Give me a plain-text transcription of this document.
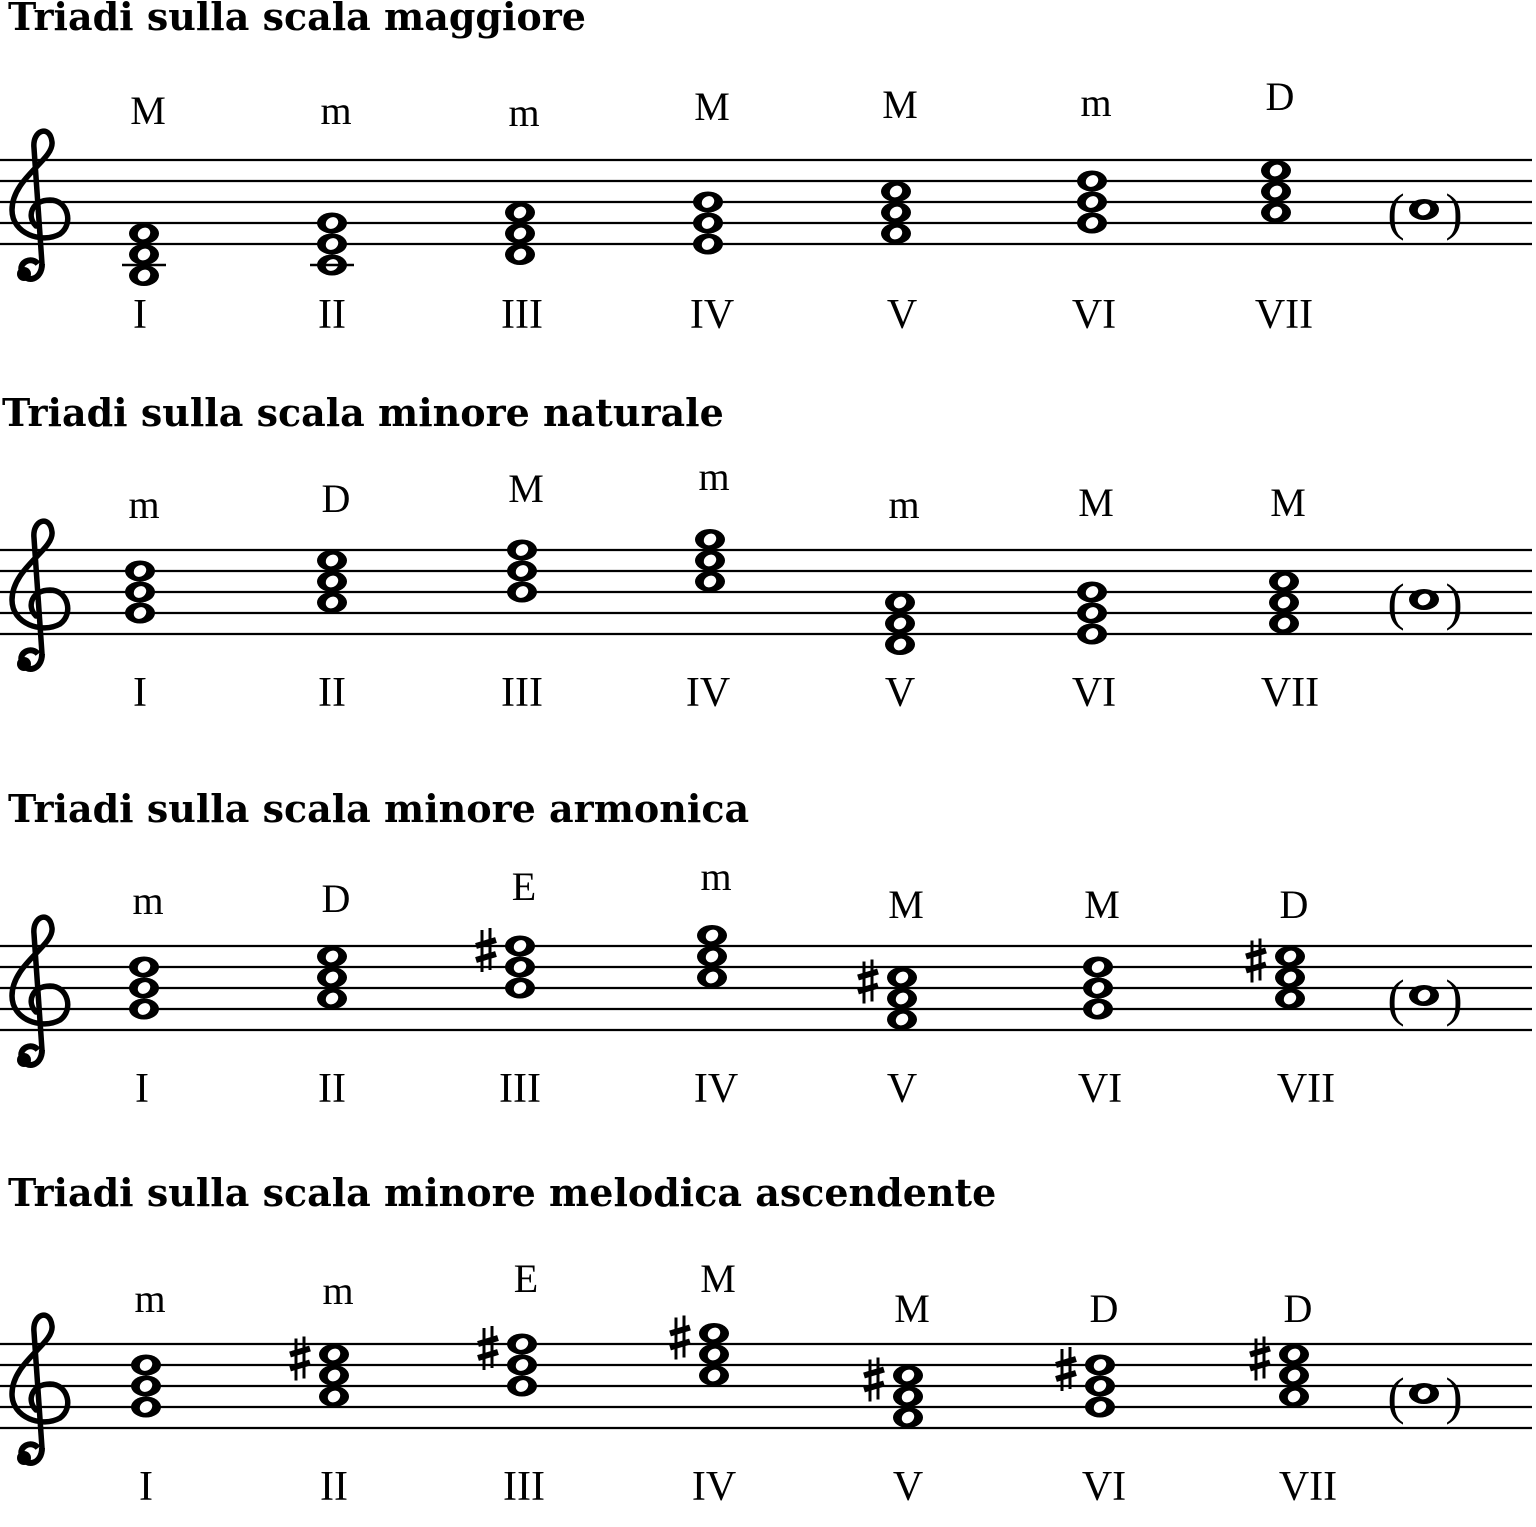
Triadi sulla scala maggiore
M
I
m
II
m
III
M
IV
M
V
m
VI
D
VII
( )
Triadi sulla scala minore naturale
m
I
D
II
M
III
m
IV
m
V
M
VI
M
VII
( )
Triadi sulla scala minore armonica
m
I
D
II
E
III
m
IV
M
V
M
VI
D
VII
( )
Triadi sulla scala minore melodica ascendente
m
I
m
II
E
III
M
IV
M
V
D
VI
D
VII
( )
